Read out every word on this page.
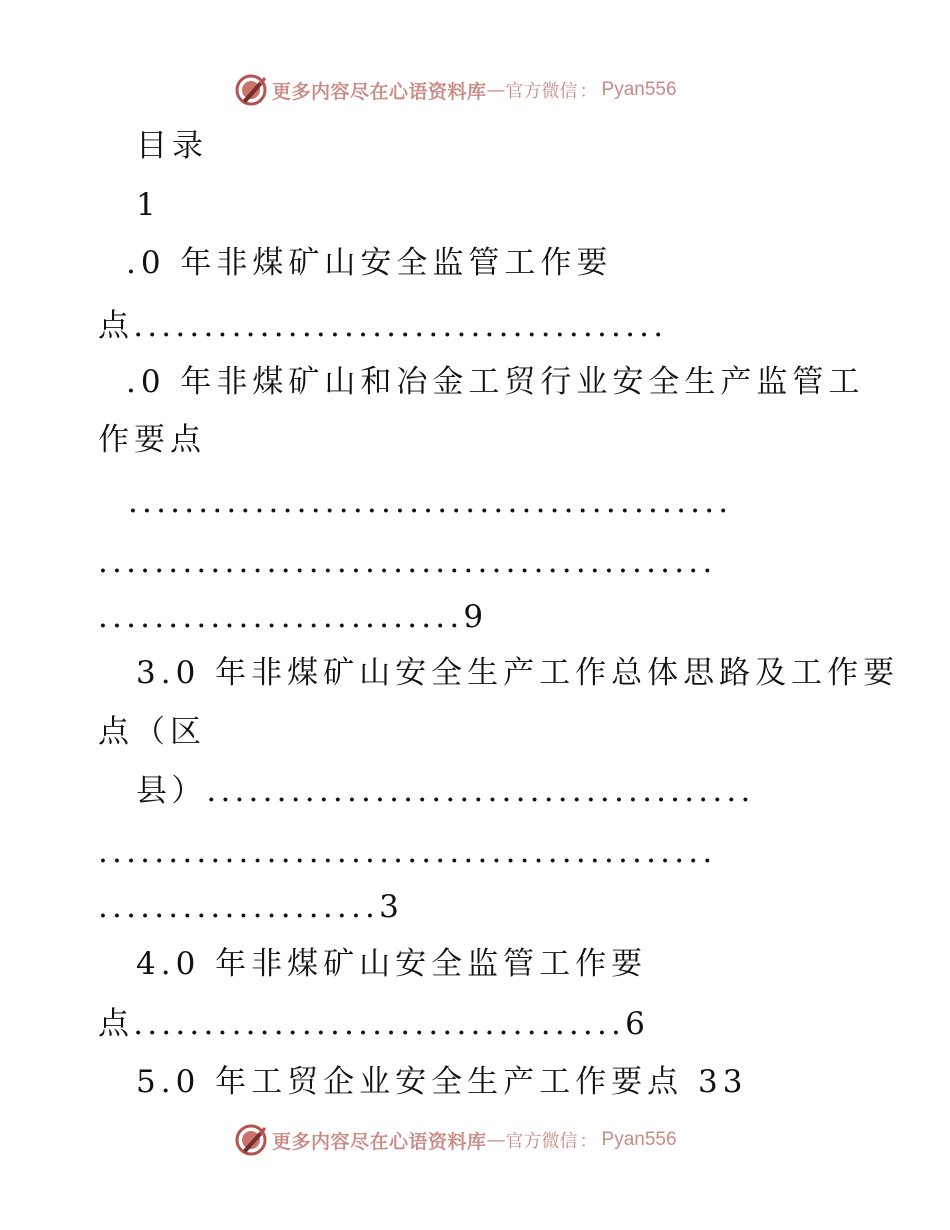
更多内容尽在心语资料库 — 官方微信 ： Pyan556
目录
1
.0 年非煤矿山安全监管工作要
点......................................
.0 年非煤矿山和冶金工贸行业安全生产监管工
作要点
...........................................
............................................
..........................9
3.0 年非煤矿山安全生产工作总体思路及工作要
点（区
县）.......................................
............................................
....................3
4.0 年非煤矿山安全监管工作要
点...................................6
5.0 年工贸企业安全生产工作要点 33
更多内容尽在心语资料库 — 官方微信 ： Pyan556
